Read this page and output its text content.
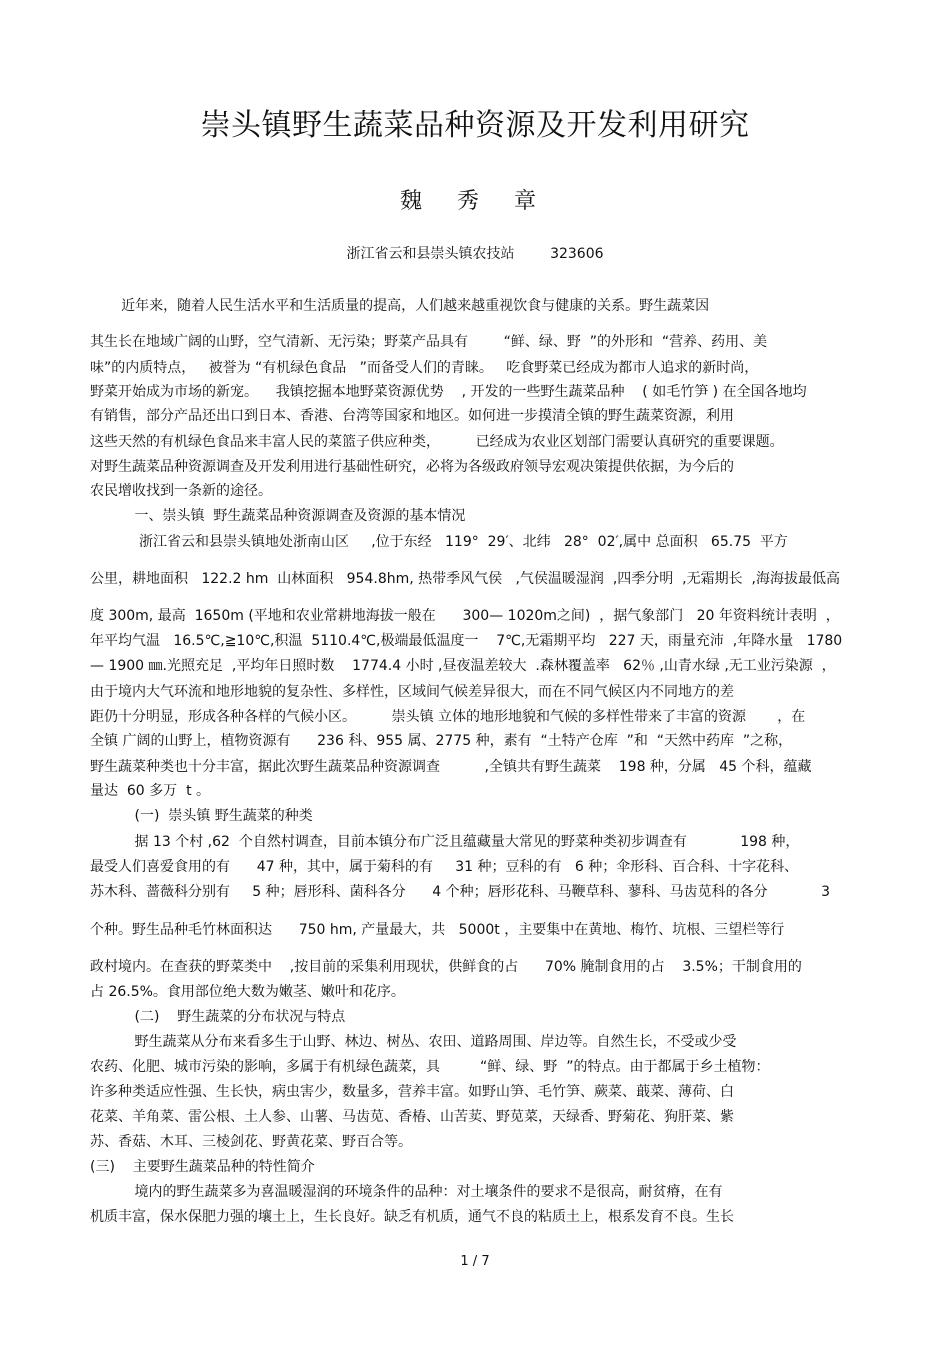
崇头镇野生蔬菜品种资源及开发利用研究
魏 秀 章
浙江省云和县崇头镇农技站        323606
近年来，随着人民生活水平和生活质量的提高，人们越来越重视饮食与健康的关系。野生蔬菜因
其生长在地域广阔的山野，空气清新、无污染；野菜产品具有        “鲜、绿、野  ”的外形和  “营养、药用、美
味”的内质特点，   被誉为 “有机绿色食品   ”而备受人们的青睐。   吃食野菜已经成为都市人追求的新时尚，
野菜开始成为市场的新宠。    我镇挖掘本地野菜资源优势    , 开发的一些野生蔬菜品种    ( 如毛竹笋 ) 在全国各地均
有销售，部分产品还出口到日本、香港、台湾等国家和地区。如何进一步摸清全镇的野生蔬菜资源，利用
这些天然的有机绿色食品来丰富人民的菜篮子供应种类，        已经成为农业区划部门需要认真研究的重要课题。
对野生蔬菜品种资源调查及开发利用进行基础性研究，必将为各级政府领导宏观决策提供依据，为今后的
农民增收找到一条新的途径。
一、崇头镇  野生蔬菜品种资源调查及资源的基本情况
浙江省云和县崇头镇地处浙南山区     ,位于东经   119°  29′、北纬   28°  02′,属中 总面积   65.75  平方
公里，耕地面积   122.2 hm  山林面积   954.8hm, 热带季风气侯   ,气侯温暖湿润  ,四季分明  ,无霜期长  ,海海拔最低高
度 300m, 最高  1650m (平地和农业常耕地海拔一般在      300— 1020m之间)  ，据气象部门   20 年资料统计表明  ，
年平均气温   16.5℃,≧10℃,积温  5110.4℃,极端最低温度一    7℃,无霜期平均   227 天，雨量充沛  ,年降水量   1780
— 1900 ㎜.光照充足  ,平均年日照时数    1774.4 小时 ,昼夜温差较大  .森林覆盖率   62％ ,山青水绿 ,无工业污染源  ，
由于境内大气环流和地形地貌的复杂性、多样性，区域间气候差异很大，而在不同气候区内不同地方的差
距仍十分明显，形成各种各样的气候小区。        崇头镇 立体的地形地貌和气候的多样性带来了丰富的资源       ，在
全镇 广阔的山野上，植物资源有      236 科、955 属、2775 种，素有  “土特产仓库  ”和  “天然中药库  ”之称，
野生蔬菜种类也十分丰富，据此次野生蔬菜品种资源调查          ,全镇共有野生蔬菜    198 种，分属   45 个科，蕴藏
量达  60 多万  t 。
(一)  崇头镇 野生蔬菜的种类
据 13 个村 ,62  个自然村调查，目前本镇分布广泛且蕴藏量大常见的野菜种类初步调查有            198 种，
最受人们喜爱食用的有      47 种，其中，属于菊科的有     31 种；豆科的有   6 种；伞形科、百合科、十字花科、
苏木科、蔷薇科分别有     5 种；唇形科、菌科各分      4 个种；唇形花科、马鞭草科、蓼科、马齿苋科的各分            3
个种。野生品种毛竹林面积达      750 hm, 产量最大，共   5000t ，主要集中在黄地、梅竹、坑根、三望栏等行
政村境内。在查获的野菜类中    ,按目前的采集利用现状，供鲜食的占      70% 腌制食用的占    3.5%；干制食用的
占 26.5%。食用部位绝大数为嫩茎、嫩叶和花序。
(二)    野生蔬菜的分布状况与特点
野生蔬菜从分布来看多生于山野、林边、树丛、农田、道路周围、岸边等。自然生长，不受或少受
农药、化肥、城市污染的影响，多属于有机绿色蔬菜，具         “鲜、绿、野  ”的特点。由于都属于乡土植物：
许多种类适应性强、生长快，病虫害少，数量多，营养丰富。如野山笋、毛竹笋、蕨菜、蕺菜、薄荷、白
花菜、羊角菜、雷公根、土人参、山薯、马齿苋、香椿、山苦荬、野苋菜，天绿香、野菊花、狗肝菜、紫
苏、香菇、木耳、三棱剑花、野黄花菜、野百合等。
(三)    主要野生蔬菜品种的特性简介
境内的野生蔬菜多为喜温暖湿润的环境条件的品种：对土壤条件的要求不是很高，耐贫瘠，在有
机质丰富，保水保肥力强的壤土上，生长良好。缺乏有机质，通气不良的粘质土上，根系发育不良。生长
1 / 7
